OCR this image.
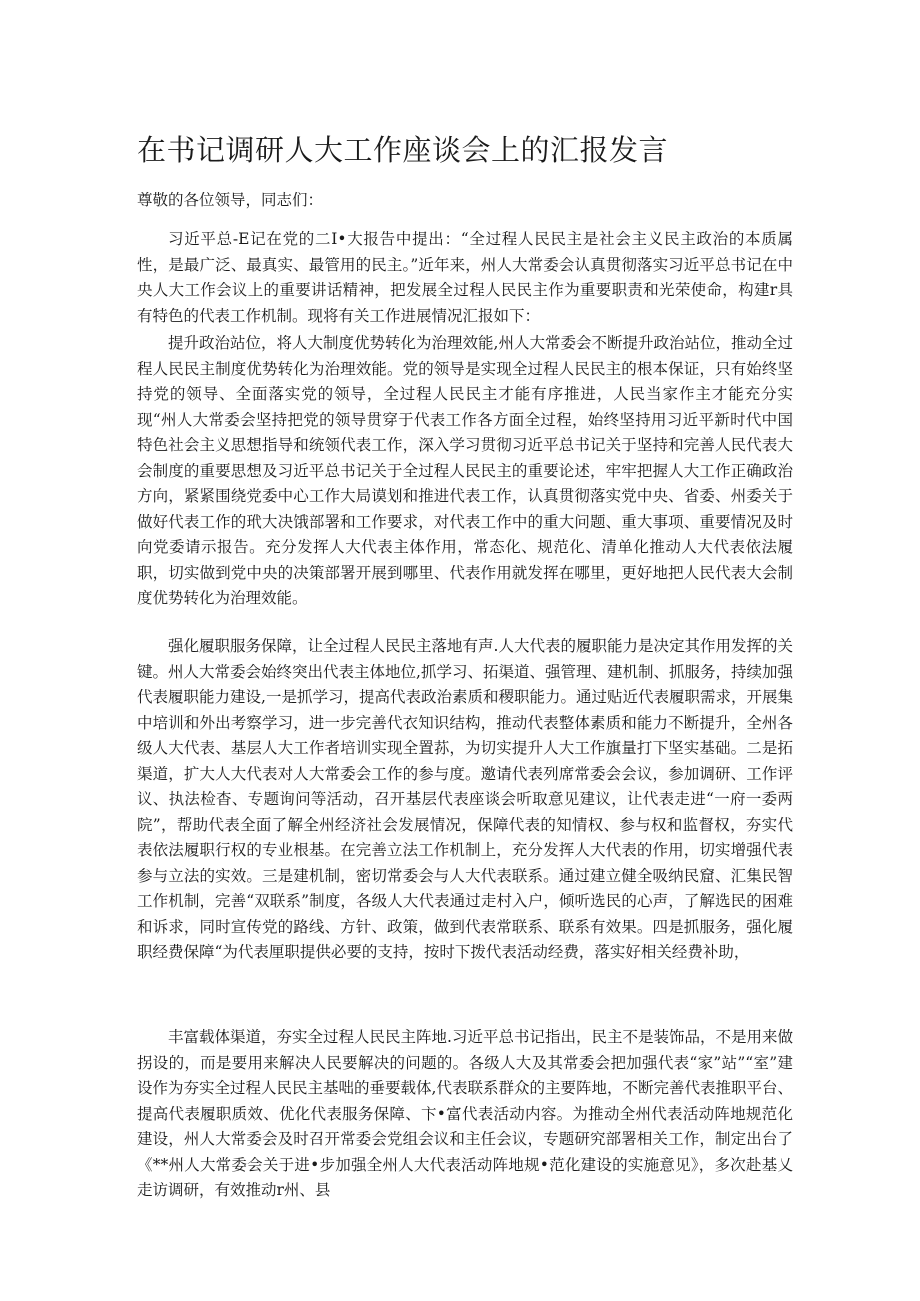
在书记调研人大工作座谈会上的汇报发言
尊敬的各位领导，同志们：

习近平总-E记在党的二I•大报告中提出：“全过程人民民主是社会主义民主政治的本质属性，是最广泛、最真实、最管用的民主。”近年来，州人大常委会认真贯彻落实习近平总书记在中央人大工作会议上的重要讲话精神，把发展全过程人民民主作为重要职责和光荣使命，构建r具有特色的代表工作机制。现将有关工作进展情况汇报如下：

提升政治站位，将人大制度优势转化为治理效能,州人大常委会不断提升政治站位，推动全过程人民民主制度优势转化为治理效能。党的领导是实现全过程人民民主的根本保证，只有始终坚持党的领导、全面落实党的领导，全过程人民民主才能有序推进，人民当家作主才能充分实现“州人大常委会坚持把党的领导贯穿于代表工作各方面全过程，始终坚持用习近平新时代中国特色社会主义思想指导和统领代表工作，深入学习贯彻习近平总书记关于坚持和完善人民代表大会制度的重要思想及习近平总书记关于全过程人民民主的重要论述，牢牢把握人大工作正确政治方向，紧紧围绕党委中心工作大局谟划和推进代表工作，认真贯彻落实党中央、省委、州委关于做好代表工作的玳大决饿部署和工作要求，对代表工作中的重大问题、重大事项、重要情况及时向党委请示报告。充分发挥人大代表主体作用，常态化、规范化、清单化推动人大代表依法履职，切实做到党中央的决策部署开展到哪里、代表作用就发挥在哪里，更好地把人民代表大会制度优势转化为治理效能。

强化履职服务保障，让全过程人民民主落地有声.人大代表的履职能力是决定其作用发挥的关键。州人大常委会始终突出代表主体地位,抓学习、拓渠道、强管理、建机制、抓服务，持续加强代表履职能力建设,一是抓学习，提高代表政治素质和稷职能力。通过贴近代表履职需求，开展集中培训和外出考察学习，进一步完善代衣知识结构，推动代表整体素质和能力不断提升，全州各级人大代表、基层人大工作者培训实现全置荪，为切实提升人大工作旗量打下坚实基础。二是拓渠道，扩大人大代表对人大常委会工作的参与度。邀请代表列席常委会会议，参加调研、工作评议、执法检杳、专题询问等活动，召开基层代表座谈会听取意见建议，让代表走进“一府一委两院”，帮助代表全面了解全州经济社会发展情况，保障代表的知情权、参与权和监督权，夯实代表依法履职行权的专业根基。在完善立法工作机制上，充分发挥人大代表的作用，切实增强代表参与立法的实效。三是建机制，密切常委会与人大代表联系。通过建立健全吸纳民窟、汇集民智工作机制，完善“双联系”制度，各级人大代表通过走村入户，倾听选民的心声，了解选民的困难和诉求，同时宣传党的路线、方针、政策，做到代表常联系、联系有效果。四是抓服务，强化履职经费保障“为代表厘职提供必要的支持，按时下拨代表活动经费，落实好相关经费补助，

丰富载体渠道，夯实全过程人民民主阵地.习近平总书记指出，民主不是装饰品，不是用来做拐设的，而是要用来解决人民要解决的问题的。各级人大及其常委会把加强代表“家”站”“室”建设作为夯实全过程人民民主基咄的垂要载体,代表联系群众的主要阵地，不断完善代表推职平台、提高代表履职质效、优化代表服务保障、卞•富代表活动内容。为推动全州代表活动阵地规范化建设，州人大常委会及时召开常委会党组会议和主任会议，专题研究部署相关工作，制定出台了《**州人大常委会关于进•步加强全州人大代表活动阵地规•范化建设的实施意见》，多次赴基乂走访调研，有效推动r州、县
